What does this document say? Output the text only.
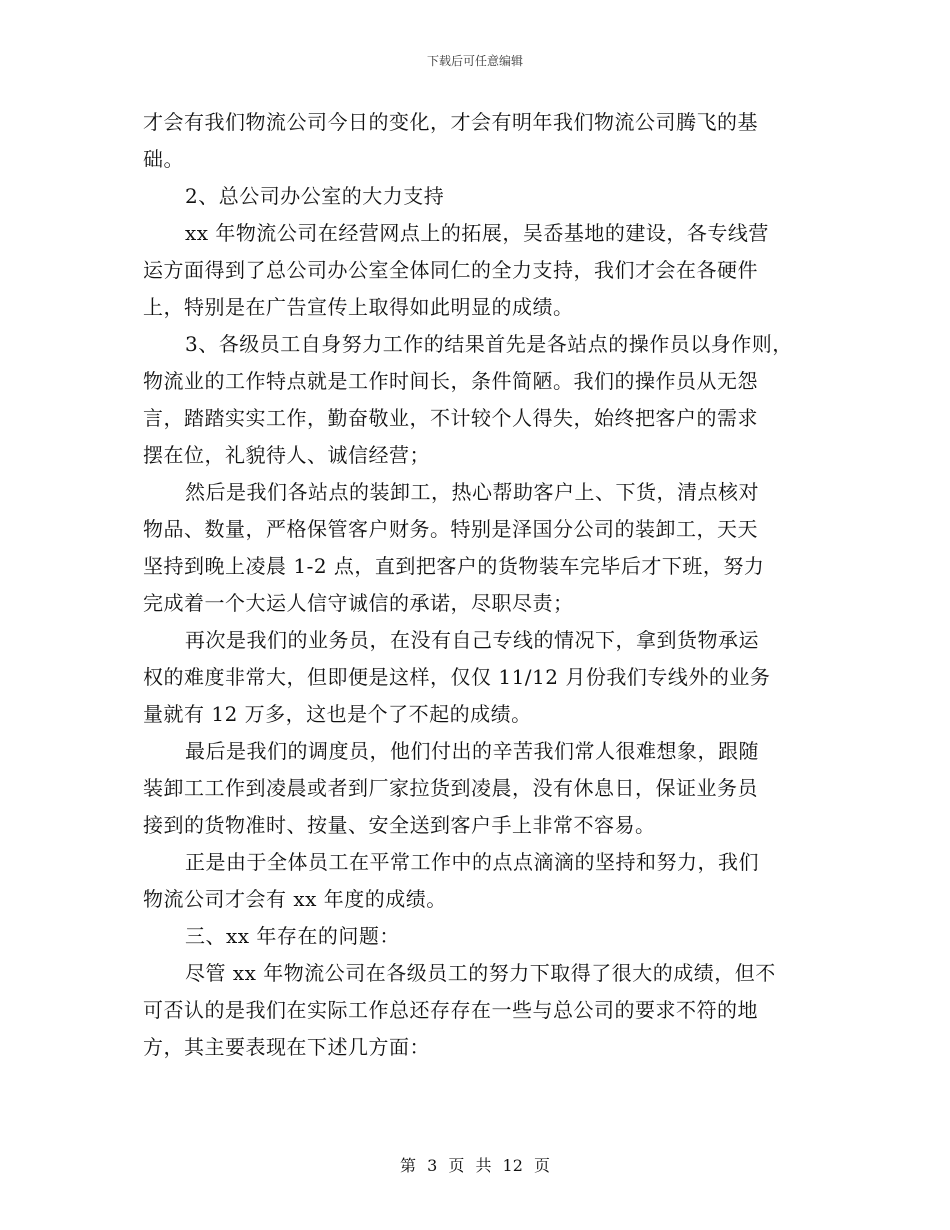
下载后可任意编辑
才会有我们物流公司今日的变化，才会有明年我们物流公司腾飞的基
础。
2、总公司办公室的大力支持
xx 年物流公司在经营网点上的拓展，吴岙基地的建设，各专线营
运方面得到了总公司办公室全体同仁的全力支持，我们才会在各硬件
上，特别是在广告宣传上取得如此明显的成绩。
3、各级员工自身努力工作的结果首先是各站点的操作员以身作则，
物流业的工作特点就是工作时间长，条件简陋。我们的操作员从无怨
言，踏踏实实工作，勤奋敬业，不计较个人得失，始终把客户的需求
摆在位，礼貌待人、诚信经营；
然后是我们各站点的装卸工，热心帮助客户上、下货，清点核对
物品、数量，严格保管客户财务。特别是泽国分公司的装卸工，天天
坚持到晚上凌晨 1-2 点，直到把客户的货物装车完毕后才下班，努力
完成着一个大运人信守诚信的承诺，尽职尽责；
再次是我们的业务员，在没有自己专线的情况下，拿到货物承运
权的难度非常大，但即便是这样，仅仅 11/12 月份我们专线外的业务
量就有 12 万多，这也是个了不起的成绩。
最后是我们的调度员，他们付出的辛苦我们常人很难想象，跟随
装卸工工作到凌晨或者到厂家拉货到凌晨，没有休息日，保证业务员
接到的货物准时、按量、安全送到客户手上非常不容易。
正是由于全体员工在平常工作中的点点滴滴的坚持和努力，我们
物流公司才会有 xx 年度的成绩。
三、xx 年存在的问题：
尽管 xx 年物流公司在各级员工的努力下取得了很大的成绩，但不
可否认的是我们在实际工作总还存存在一些与总公司的要求不符的地
方，其主要表现在下述几方面：
第 3 页 共 12 页
